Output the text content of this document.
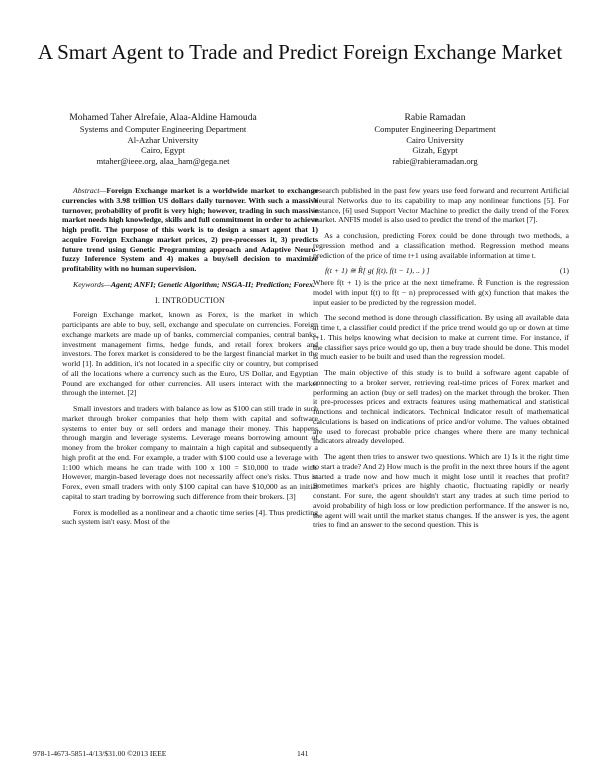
A Smart Agent to Trade and Predict Foreign Exchange Market
Mohamed Taher Alrefaie, Alaa-Aldine Hamouda
Systems and Computer Engineering Department
Al-Azhar University
Cairo, Egypt
mtaher@ieee.org, alaa_ham@gega.net
Rabie Ramadan
Computer Engineering Department
Cairo University
Gizah, Egypt
rabie@rabieramadan.org

Abstract—Foreign Exchange market is a worldwide market to exchange currencies with 3.98 trillion US dollars daily turnover. With such a massive turnover, probability of profit is very high; however, trading in such massive market needs high knowledge, skills and full commitment in order to achieve high profit. The purpose of this work is to design a smart agent that 1) acquire Foreign Exchange market prices, 2) pre-processes it, 3) predicts future trend using Genetic Programming approach and Adaptive Neuro-fuzzy Inference System and 4) makes a buy/sell decision to maximize profitability with no human supervision.

Keywords—Agent; ANFI; Genetic Algorithm; NSGA-II; Prediction; Forex.

I. INTRODUCTION

Foreign Exchange market, known as Forex, is the market in which participants are able to buy, sell, exchange and speculate on currencies. Foreign exchange markets are made up of banks, commercial companies, central banks, investment management firms, hedge funds, and retail forex brokers and investors. The forex market is considered to be the largest financial market in the world [1]. In addition, it's not located in a specific city or country, but comprised of all the locations where a currency such as the Euro, US Dollar, and Egyptian Pound are exchanged for other currencies. All users interact with the market through the internet. [2]

Small investors and traders with balance as low as $100 can still trade in such market through broker companies that help them with capital and software systems to enter buy or sell orders and manage their money. This happens through margin and leverage systems. Leverage means borrowing amount of money from the broker company to maintain a high capital and subsequently a high profit at the end. For example, a trader with $100 could use a leverage with 1:100 which means he can trade with 100 x 100 = $10,000 to trade with. However, margin-based leverage does not necessarily affect one's risks. Thus in Forex, even small traders with only $100 capital can have $10,000 as an initial capital to start trading by borrowing such difference from their brokers. [3]

Forex is modelled as a nonlinear and a chaotic time series [4]. Thus predicting such system isn't easy. Most of the

research published in the past few years use feed forward and recurrent Artificial Neural Networks due to its capability to map any nonlinear functions [5]. For instance, [6] used Support Vector Machine to predict the daily trend of the Forex market. ANFIS model is also used to predict the trend of the market [7].

As a conclusion, predicting Forex could be done through two methods, a regression method and a classification method. Regression method means prediction of the price of time t+1 using available information at time t.

f(t + 1) ≅ R̂[ g( f(t), f(t − 1), .. ) ]	(1)

Where f(t + 1) is the price at the next timeframe. R̂ Function is the regression model with input f(t) to f(t − n) preprocessed with g(x) function that makes the input easier to be predicted by the regression model.

The second method is done through classification. By using all available data at time t, a classifier could predict if the price trend would go up or down at time t+1. This helps knowing what decision to make at current time. For instance, if the classifier says price would go up, then a buy trade should be done. This model is much easier to be built and used than the regression model.

The main objective of this study is to build a software agent capable of connecting to a broker server, retrieving real-time prices of Forex market and performing an action (buy or sell trades) on the market through the broker. Then it pre-processes prices and extracts features using mathematical and statistical functions and technical indicators. Technical Indicator result of mathematical calculations is based on indications of price and/or volume. The values obtained are used to forecast probable price changes where there are many technical indicators already developed.

The agent then tries to answer two questions. Which are 1) Is it the right time to start a trade? And 2) How much is the profit in the next three hours if the agent started a trade now and how much it might lose until it reaches that profit? Sometimes market's prices are highly chaotic, fluctuating rapidly or nearly constant. For sure, the agent shouldn't start any trades at such time period to avoid probability of high loss or low prediction performance. If the answer is no, the agent will wait until the market status changes. If the answer is yes, the agent tries to find an answer to the second question. This is

978-1-4673-5851-4/13/$31.00 ©2013 IEEE	141
